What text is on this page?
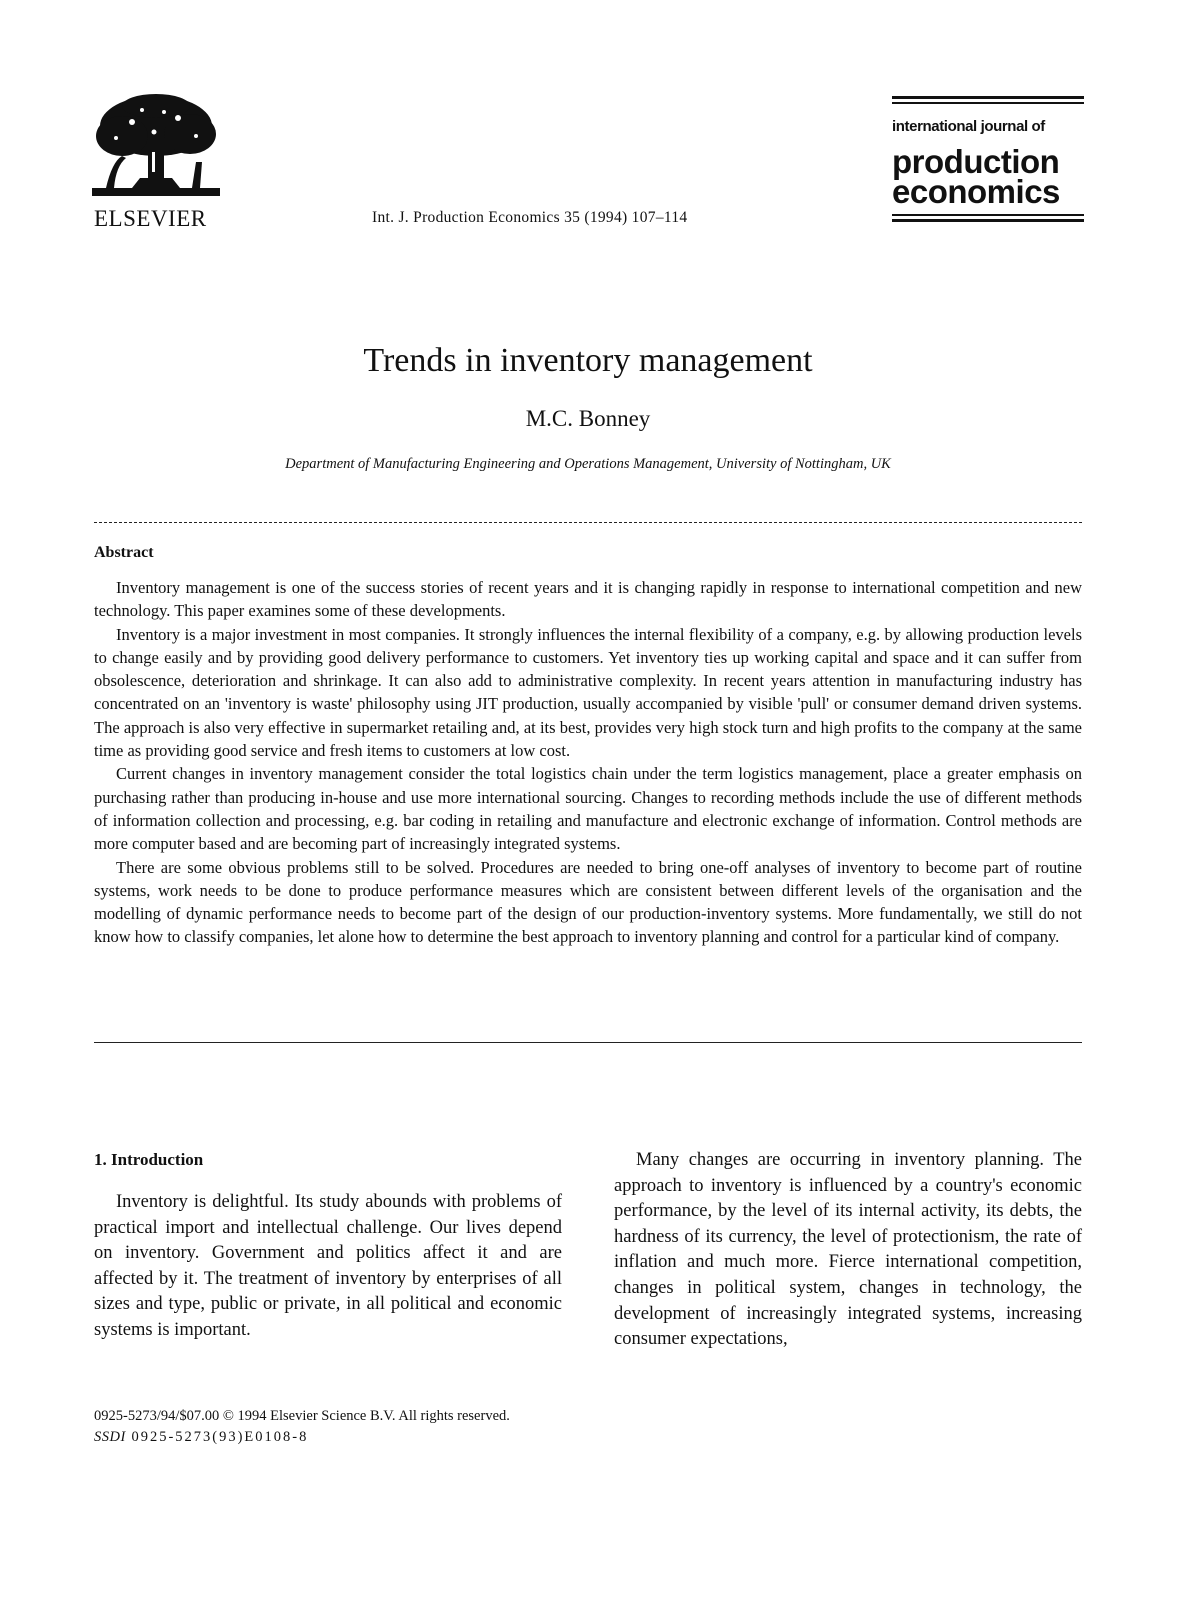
ELSEVIER	Int. J. Production Economics 35 (1994) 107–114
international journal of
production
economics
Trends in inventory management
M.C. Bonney
Department of Manufacturing Engineering and Operations Management, University of Nottingham, UK
Abstract

Inventory management is one of the success stories of recent years and it is changing rapidly in response to international competition and new technology. This paper examines some of these developments.

Inventory is a major investment in most companies. It strongly influences the internal flexibility of a company, e.g. by allowing production levels to change easily and by providing good delivery performance to customers. Yet inventory ties up working capital and space and it can suffer from obsolescence, deterioration and shrinkage. It can also add to administrative complexity. In recent years attention in manufacturing industry has concentrated on an 'inventory is waste' philosophy using JIT production, usually accompanied by visible 'pull' or consumer demand driven systems. The approach is also very effective in supermarket retailing and, at its best, provides very high stock turn and high profits to the company at the same time as providing good service and fresh items to customers at low cost.

Current changes in inventory management consider the total logistics chain under the term logistics management, place a greater emphasis on purchasing rather than producing in-house and use more international sourcing. Changes to recording methods include the use of different methods of information collection and processing, e.g. bar coding in retailing and manufacture and electronic exchange of information. Control methods are more computer based and are becoming part of increasingly integrated systems.

There are some obvious problems still to be solved. Procedures are needed to bring one-off analyses of inventory to become part of routine systems, work needs to be done to produce performance measures which are consistent between different levels of the organisation and the modelling of dynamic performance needs to become part of the design of our production-inventory systems. More fundamentally, we still do not know how to classify companies, let alone how to determine the best approach to inventory planning and control for a particular kind of company.

1. Introduction

Inventory is delightful. Its study abounds with problems of practical import and intellectual challenge. Our lives depend on inventory. Government and politics affect it and are affected by it. The treatment of inventory by enterprises of all sizes and type, public or private, in all political and economic systems is important.

Many changes are occurring in inventory planning. The approach to inventory is influenced by a country's economic performance, by the level of its internal activity, its debts, the hardness of its currency, the level of protectionism, the rate of inflation and much more. Fierce international competition, changes in political system, changes in technology, the development of increasingly integrated systems, increasing consumer expectations,

0925-5273/94/$07.00 © 1994 Elsevier Science B.V. All rights reserved.
SSDI 0925-5273(93)E0108-8
